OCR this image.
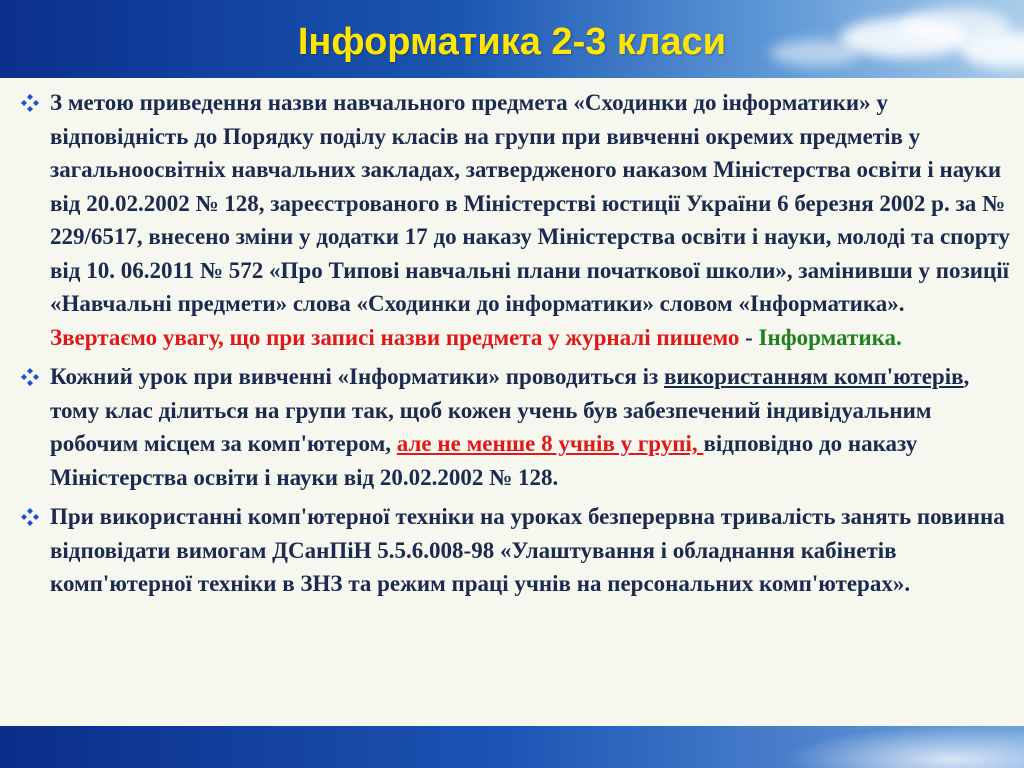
Інформатика 2-3 класи
З метою приведення назви навчального предмета «Сходинки до інформатики» у відповідність до Порядку поділу класів на групи при вивченні окремих предметів у загальноосвітніх навчальних закладах, затвердженого наказом Міністерства освіти і науки від 20.02.2002 № 128, зареєстрованого в Міністерстві юстиції України 6 березня 2002 р. за № 229/6517, внесено зміни у додатки 17 до наказу Міністерства освіти і науки, молоді та спорту від 10. 06.2011 № 572 «Про Типові навчальні плани початкової школи», замінивши у позиції «Навчальні предмети» слова «Сходинки до інформатики» словом «Інформатика». Звертаємо увагу, що при записі назви предмета у журналі пишемо - Інформатика.
Кожний урок при вивченні «Інформатики» проводиться із використанням комп'ютерів, тому клас ділиться на групи так, щоб кожен учень був забезпечений індивідуальним робочим місцем за комп'ютером, але не менше 8 учнів у групі, відповідно до наказу Міністерства освіти і науки від 20.02.2002 № 128.
При використанні комп'ютерної техніки на уроках безперервна тривалість занять повинна відповідати вимогам ДСанПіН 5.5.6.008-98 «Улаштування і обладнання кабінетів комп'ютерної техніки в ЗНЗ та режим праці учнів на персональних комп'ютерах».
